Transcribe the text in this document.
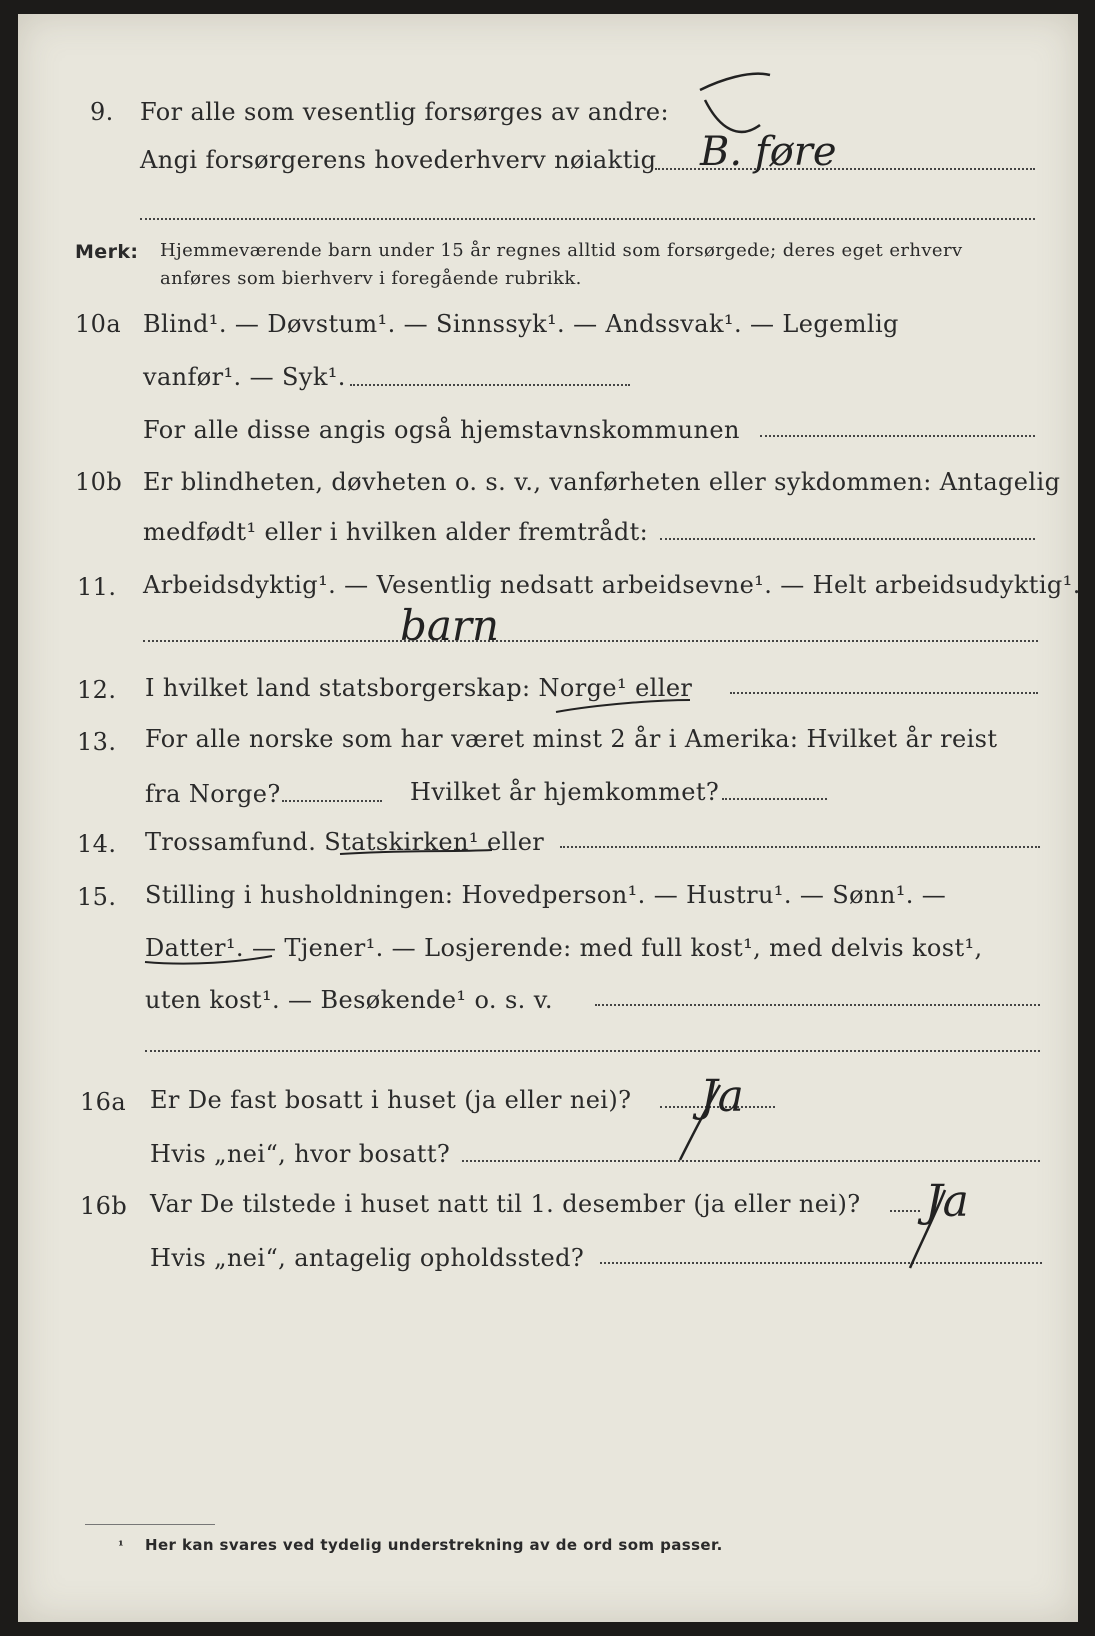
9. For alle som vesentlig forsørges av andre:
Angi forsørgerens hovederhverv nøiaktig B. føre
Merk: Hjemmeværende barn under 15 år regnes alltid som forsørgede; deres eget erhverv
anføres som bierhverv i foregående rubrikk.
10a Blind¹. — Døvstum¹. — Sinnssyk¹. — Andssvak¹. — Legemlig
vanfør¹. — Syk¹.
For alle disse angis også hjemstavnskommunen
10b Er blindheten, døvheten o. s. v., vanførheten eller sykdommen: Antagelig
medfødt¹ eller i hvilken alder fremtrådt:
11. Arbeidsdyktig¹. — Vesentlig nedsatt arbeidsevne¹. — Helt arbeidsudyktig¹.
barn
12. I hvilket land statsborgerskap: Norge¹ eller
13. For alle norske som har været minst 2 år i Amerika: Hvilket år reist
fra Norge?	Hvilket år hjemkommet?
14. Trossamfund. Statskirken¹ eller
15. Stilling i husholdningen: Hovedperson¹. — Hustru¹. — Sønn¹. —
Datter¹. — Tjener¹. — Losjerende: med full kost¹, med delvis kost¹,
uten kost¹. — Besøkende¹ o. s. v.
16a Er De fast bosatt i huset (ja eller nei)? Ja
Hvis „nei“, hvor bosatt?
16b Var De tilstede i huset natt til 1. desember (ja eller nei)? Ja
Hvis „nei“, antagelig opholdssted?
¹ Her kan svares ved tydelig understrekning av de ord som passer.
